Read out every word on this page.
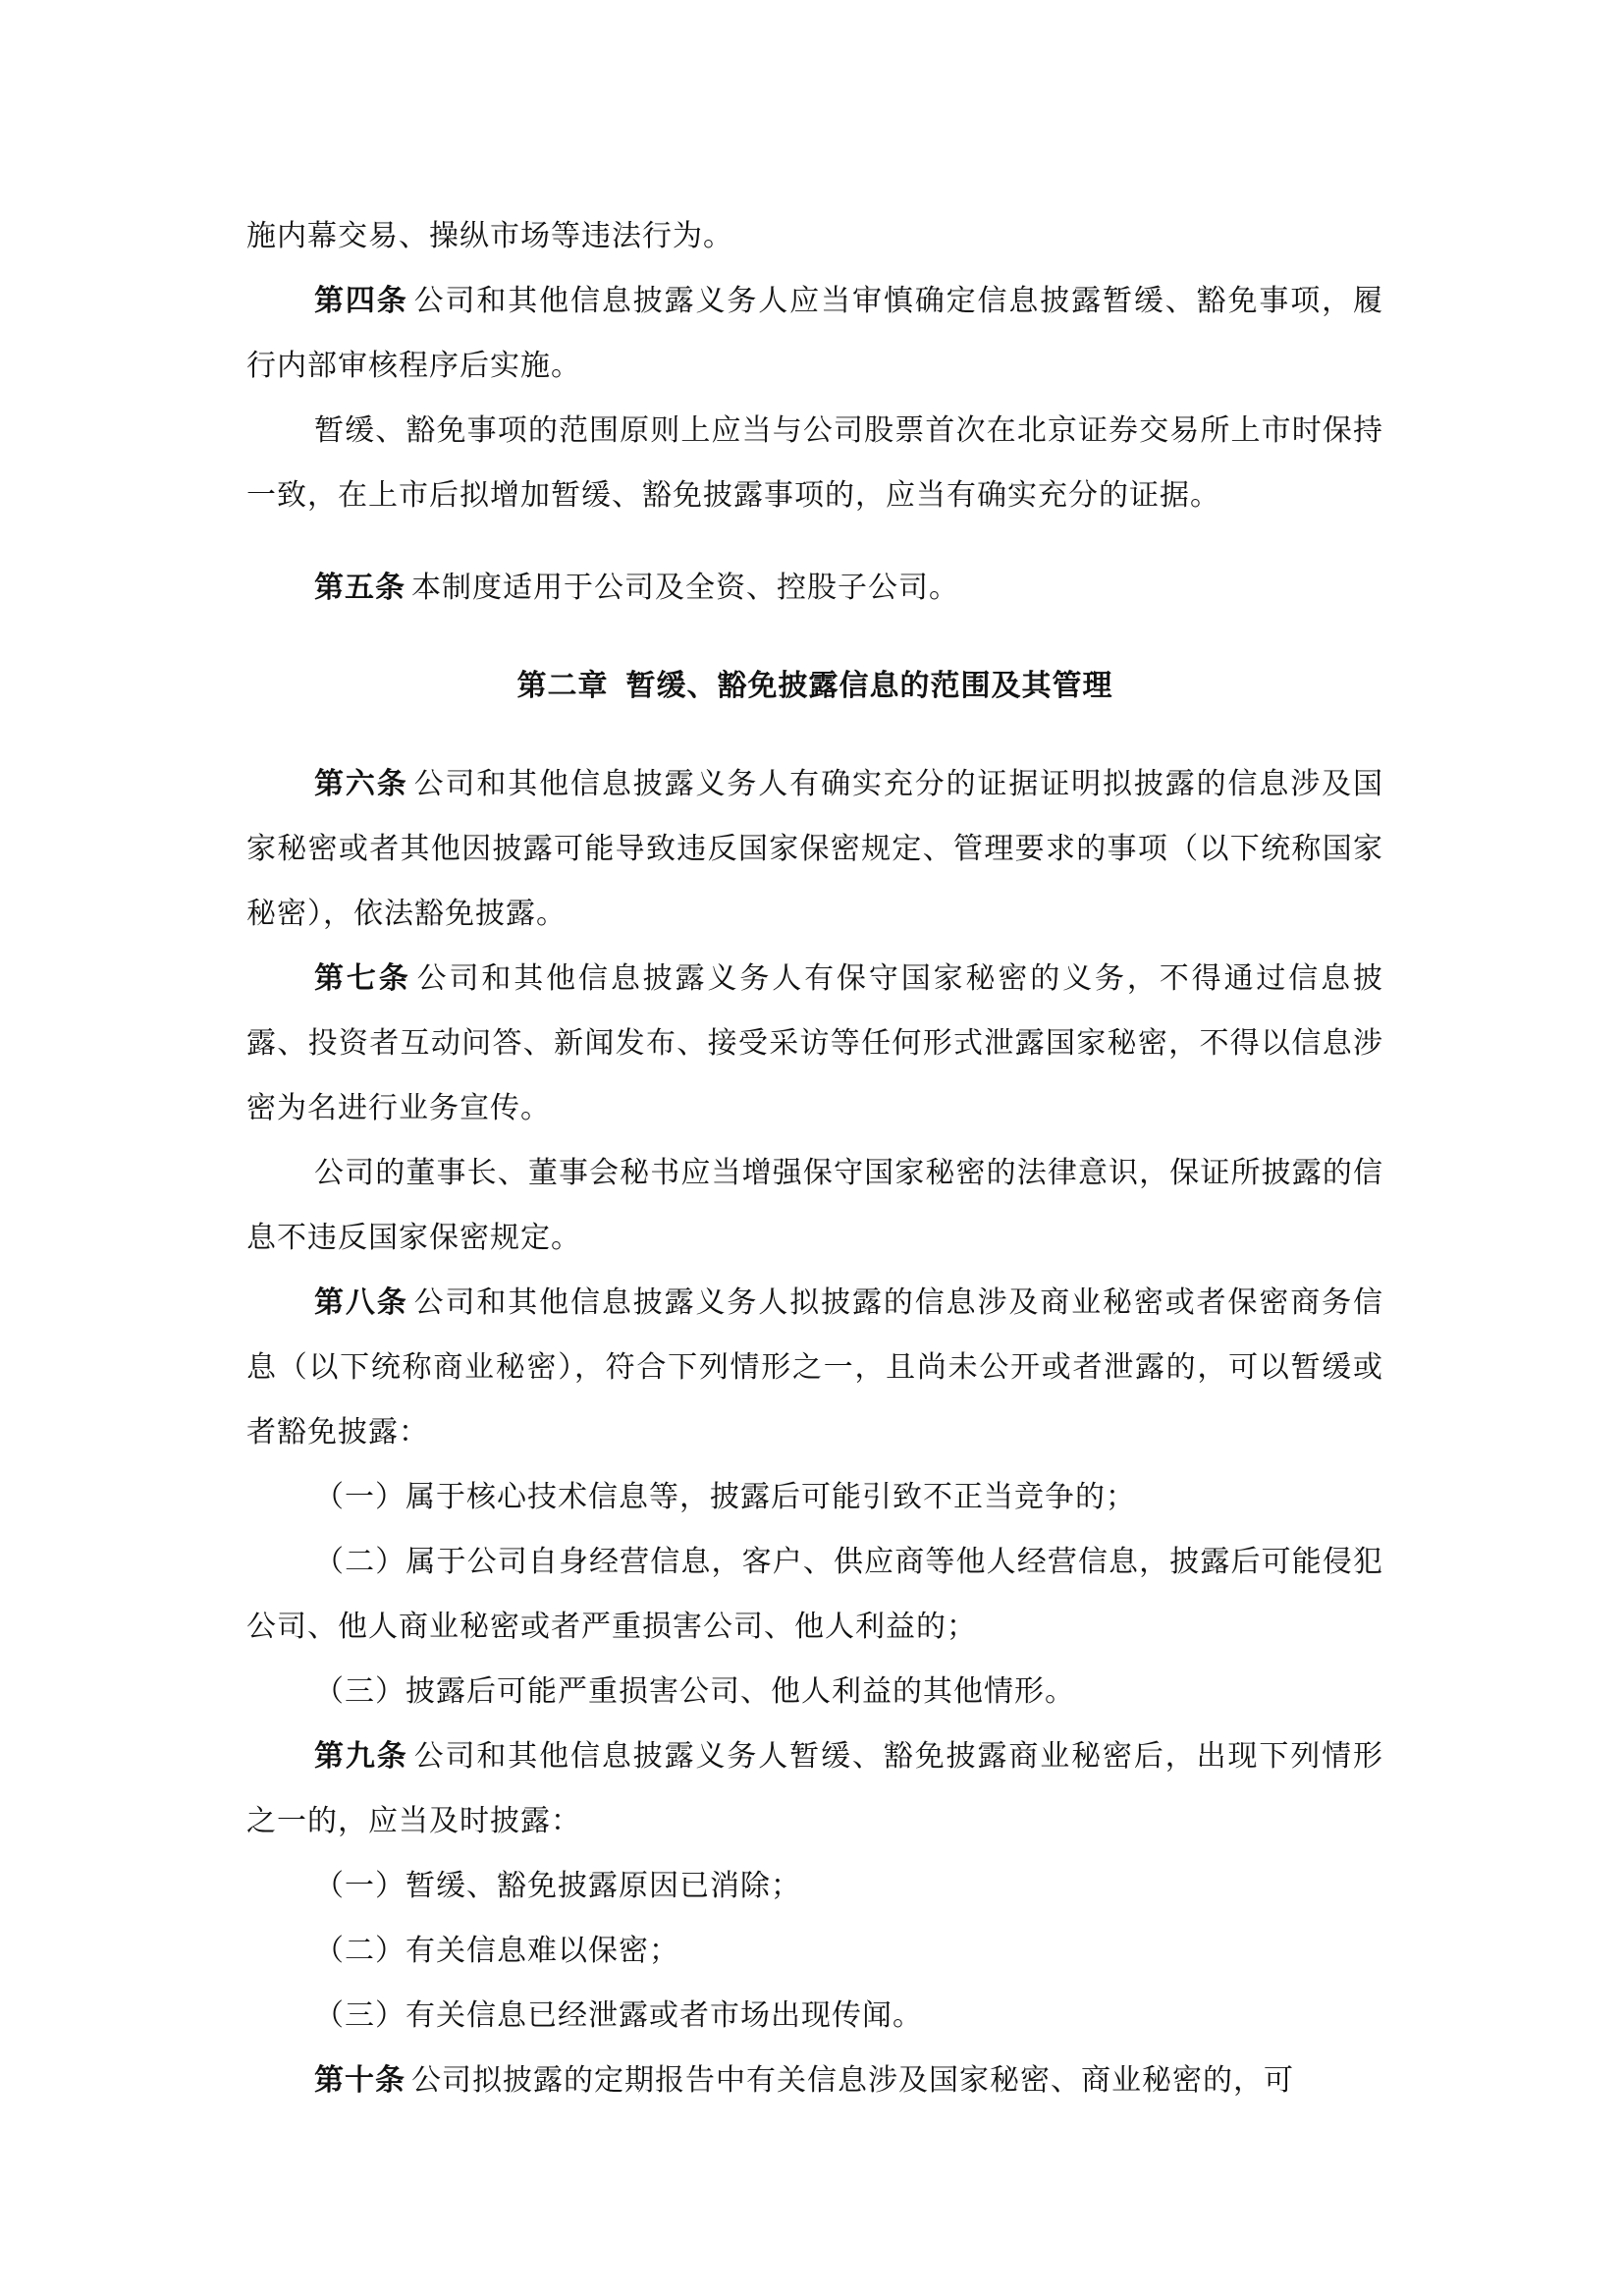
施内幕交易、操纵市场等违法行为。

第四条 公司和其他信息披露义务人应当审慎确定信息披露暂缓、豁免事项，履行内部审核程序后实施。

暂缓、豁免事项的范围原则上应当与公司股票首次在北京证券交易所上市时保持一致，在上市后拟增加暂缓、豁免披露事项的，应当有确实充分的证据。

第五条 本制度适用于公司及全资、控股子公司。

第二章 暂缓、豁免披露信息的范围及其管理

第六条 公司和其他信息披露义务人有确实充分的证据证明拟披露的信息涉及国家秘密或者其他因披露可能导致违反国家保密规定、管理要求的事项（以下统称国家秘密），依法豁免披露。

第七条 公司和其他信息披露义务人有保守国家秘密的义务，不得通过信息披露、投资者互动问答、新闻发布、接受采访等任何形式泄露国家秘密，不得以信息涉密为名进行业务宣传。

公司的董事长、董事会秘书应当增强保守国家秘密的法律意识，保证所披露的信息不违反国家保密规定。

第八条 公司和其他信息披露义务人拟披露的信息涉及商业秘密或者保密商务信息（以下统称商业秘密），符合下列情形之一，且尚未公开或者泄露的，可以暂缓或者豁免披露：

（一）属于核心技术信息等，披露后可能引致不正当竞争的；

（二）属于公司自身经营信息，客户、供应商等他人经营信息，披露后可能侵犯公司、他人商业秘密或者严重损害公司、他人利益的；

（三）披露后可能严重损害公司、他人利益的其他情形。

第九条 公司和其他信息披露义务人暂缓、豁免披露商业秘密后，出现下列情形之一的，应当及时披露：

（一）暂缓、豁免披露原因已消除；

（二）有关信息难以保密；

（三）有关信息已经泄露或者市场出现传闻。

第十条 公司拟披露的定期报告中有关信息涉及国家秘密、商业秘密的，可
